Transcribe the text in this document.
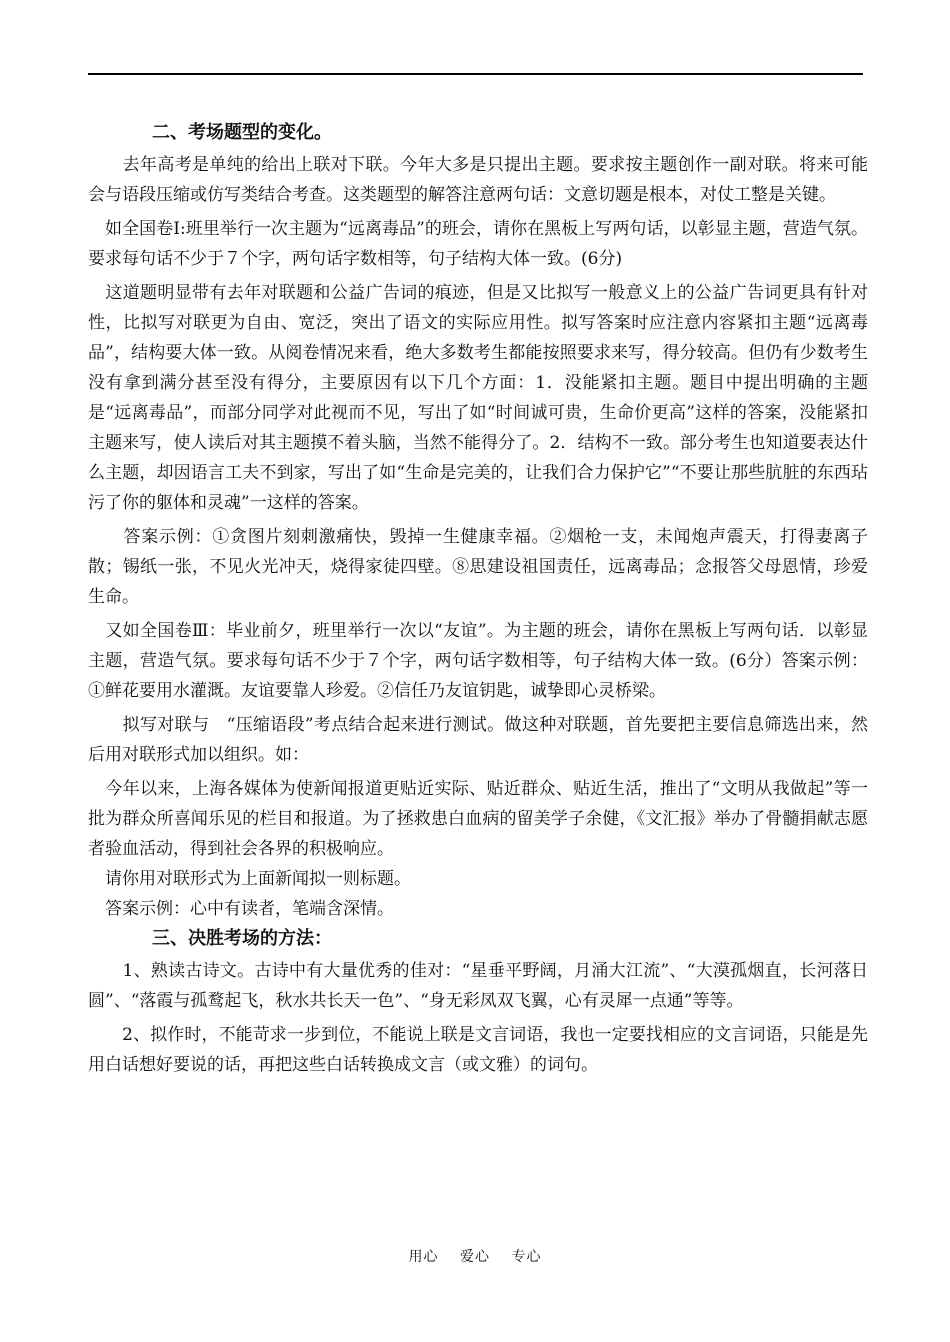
二、考场题型的变化。

　　去年高考是单纯的给出上联对下联。今年大多是只提出主题。要求按主题创作一副对联。将来可能会与语段压缩或仿写类结合考查。这类题型的解答注意两句话：文意切题是根本，对仗工整是关键。

　如全国卷Ⅰ:班里举行一次主题为“远离毒品”的班会，请你在黑板上写两句话，以彰显主题，营造气氛。要求每句话不少于７个字，两句话字数相等，句子结构大体一致。(6分)

　这道题明显带有去年对联题和公益广告词的痕迹，但是又比拟写一般意义上的公益广告词更具有针对性，比拟写对联更为自由、宽泛，突出了语文的实际应用性。拟写答案时应注意内容紧扣主题“远离毒品”，结构要大体一致。从阅卷情况来看，绝大多数考生都能按照要求来写，得分较高。但仍有少数考生没有拿到满分甚至没有得分，主要原因有以下几个方面：1．没能紧扣主题。题目中提出明确的主题是“远离毒品”，而部分同学对此视而不见，写出了如“时间诚可贵，生命价更高”这样的答案，没能紧扣主题来写，使人读后对其主题摸不着头脑，当然不能得分了。2．结构不一致。部分考生也知道要表达什么主题，却因语言工夫不到家，写出了如“生命是完美的，让我们合力保护它”“不要让那些肮脏的东西玷污了你的躯体和灵魂”一这样的答案。

　　答案示例：①贪图片刻刺激痛快，毁掉一生健康幸福。②烟枪一支，未闻炮声震天，打得妻离子散；锡纸一张，不见火光冲天，烧得家徒四壁。⑧思建设祖国责任，远离毒品；念报答父母恩情，珍爱生命。

　又如全国卷Ⅲ：毕业前夕，班里举行一次以“友谊”。为主题的班会，请你在黑板上写两句话．以彰显主题，营造气氛。要求每句话不少于７个字，两句话字数相等，句子结构大体一致。(6分）答案示例：①鲜花要用水灌溉。友谊要靠人珍爱。②信任乃友谊钥匙，诚挚即心灵桥梁。

　　拟写对联与　“压缩语段”考点结合起来进行测试。做这种对联题，首先要把主要信息筛选出来，然后用对联形式加以组织。如：

　今年以来，上海各媒体为使新闻报道更贴近实际、贴近群众、贴近生活，推出了“文明从我做起”等一批为群众所喜闻乐见的栏目和报道。为了拯救患白血病的留美学子余健，《文汇报》举办了骨髓捐献志愿者验血活动，得到社会各界的积极响应。

　请你用对联形式为上面新闻拟一则标题。

　答案示例：心中有读者，笔端含深情。

三、决胜考场的方法：

　　1、熟读古诗文。古诗中有大量优秀的佳对：“星垂平野阔，月涌大江流”、“大漠孤烟直，长河落日圆”、“落霞与孤鹜起飞，秋水共长天一色”、“身无彩凤双飞翼，心有灵犀一点通”等等。

　　2、拟作时，不能苛求一步到位，不能说上联是文言词语，我也一定要找相应的文言词语，只能是先用白话想好要说的话，再把这些白话转换成文言（或文雅）的词句。

用心 爱心 专心
